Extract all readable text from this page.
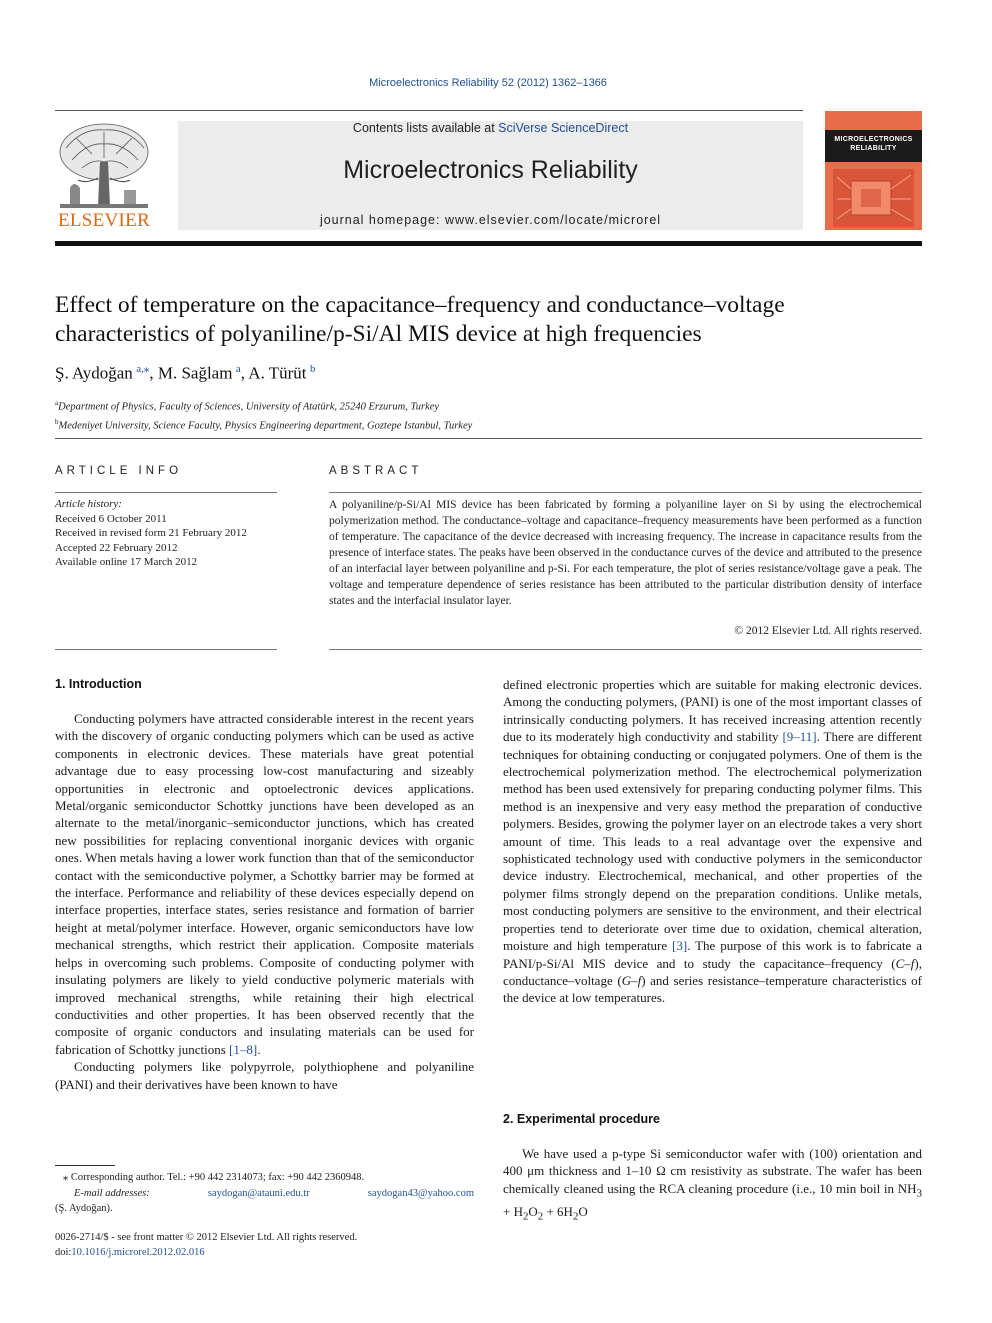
Microelectronics Reliability 52 (2012) 1362–1366
ELSEVIER
Contents lists available at SciVerse ScienceDirect
Microelectronics Reliability
journal homepage: www.elsevier.com/locate/microrel
MICROELECTRONICS
RELIABILITY
Effect of temperature on the capacitance–frequency and conductance–voltage
characteristics of polyaniline/p-Si/Al MIS device at high frequencies
Ş. Aydoğan  $^{a,⁎}$, M. Sağlam  $^a$, A. Türüt  $^b$
$^a$Department of Physics, Faculty of Sciences, University of Atatürk, 25240 Erzurum, Turkey
$^b$Medeniyet University, Science Faculty, Physics Engineering department, Goztepe Istanbul, Turkey
ARTICLE INFO	ABSTRACT
Article history:
Received 6 October 2011
Received in revised form 21 February 2012
Accepted 22 February 2012
Available online 17 March 2012
A polyaniline/p-Si/Al MIS device has been fabricated by forming a polyaniline layer on Si by using the electrochemical polymerization method. The conductance–voltage and capacitance–frequency measurements have been performed as a function of temperature. The capacitance of the device decreased with increasing frequency. The increase in capacitance results from the presence of interface states. The peaks have been observed in the conductance curves of the device and attributed to the presence of an interfacial layer between polyaniline and p-Si. For each temperature, the plot of series resistance/voltage gave a peak. The voltage and temperature dependence of series resistance has been attributed to the particular distribution density of interface states and the interfacial insulator layer.
© 2012 Elsevier Ltd. All rights reserved.
1. Introduction

Conducting polymers have attracted considerable interest in the recent years with the discovery of organic conducting polymers which can be used as active components in electronic devices. These materials have great potential advantage due to easy processing low-cost manufacturing and sizeably opportunities in electronic and optoelectronic devices applications. Metal/organic semiconductor Schottky junctions have been developed as an alternate to the metal/inorganic–semiconductor junctions, which has created new possibilities for replacing conventional inorganic devices with organic ones. When metals having a lower work function than that of the semiconductor contact with the semiconductive polymer, a Schottky barrier may be formed at the interface. Performance and reliability of these devices especially depend on interface properties, interface states, series resistance and formation of barrier height at metal/polymer interface. However, organic semiconductors have low mechanical strengths, which restrict their application. Composite materials helps in overcoming such problems. Composite of conducting polymer with insulating polymers are likely to yield conductive polymeric materials with improved mechanical strengths, while retaining their high electrical conductivities and other properties. It has been observed recently that the composite of organic conductors and insulating materials can be used for fabrication of Schottky junctions [1–8].

Conducting polymers like polypyrrole, polythiophene and polyaniline (PANI) and their derivatives have been known to have

defined electronic properties which are suitable for making electronic devices. Among the conducting polymers, (PANI) is one of the most important classes of intrinsically conducting polymers. It has received increasing attention recently due to its moderately high conductivity and stability [9–11]. There are different techniques for obtaining conducting or conjugated polymers. One of them is the electrochemical polymerization method. The electrochemical polymerization method has been used extensively for preparing conducting polymer films. This method is an inexpensive and very easy method the preparation of conductive polymers. Besides, growing the polymer layer on an electrode takes a very short amount of time. This leads to a real advantage over the expensive and sophisticated technology used with conductive polymers in the semiconductor device industry. Electrochemical, mechanical, and other properties of the polymer films strongly depend on the preparation conditions. Unlike metals, most conducting polymers are sensitive to the environment, and their electrical properties tend to deteriorate over time due to oxidation, chemical alteration, moisture and high temperature [3]. The purpose of this work is to fabricate a PANI/p-Si/Al MIS device and to study the capacitance–frequency (C–f), conductance–voltage (G–f) and series resistance–temperature characteristics of the device at low temperatures.
2. Experimental procedure

We have used a p-type Si semiconductor wafer with (100) orientation and 400 μm thickness and 1–10 Ω cm resistivity as substrate. The wafer has been chemically cleaned using the RCA cleaning procedure (i.e., 10 min boil in $NH_3 + H_2O_2 + 6H_2O$

⁎ Corresponding author. Tel.: +90 442 2314073; fax: +90 442 2360948.
E-mail addresses:	saydogan@atauni.edu.tr	saydogan43@yahoo.com
(Ş. Aydoğan).
0026-2714/$ - see front matter © 2012 Elsevier Ltd. All rights reserved.
doi:10.1016/j.microrel.2012.02.016
